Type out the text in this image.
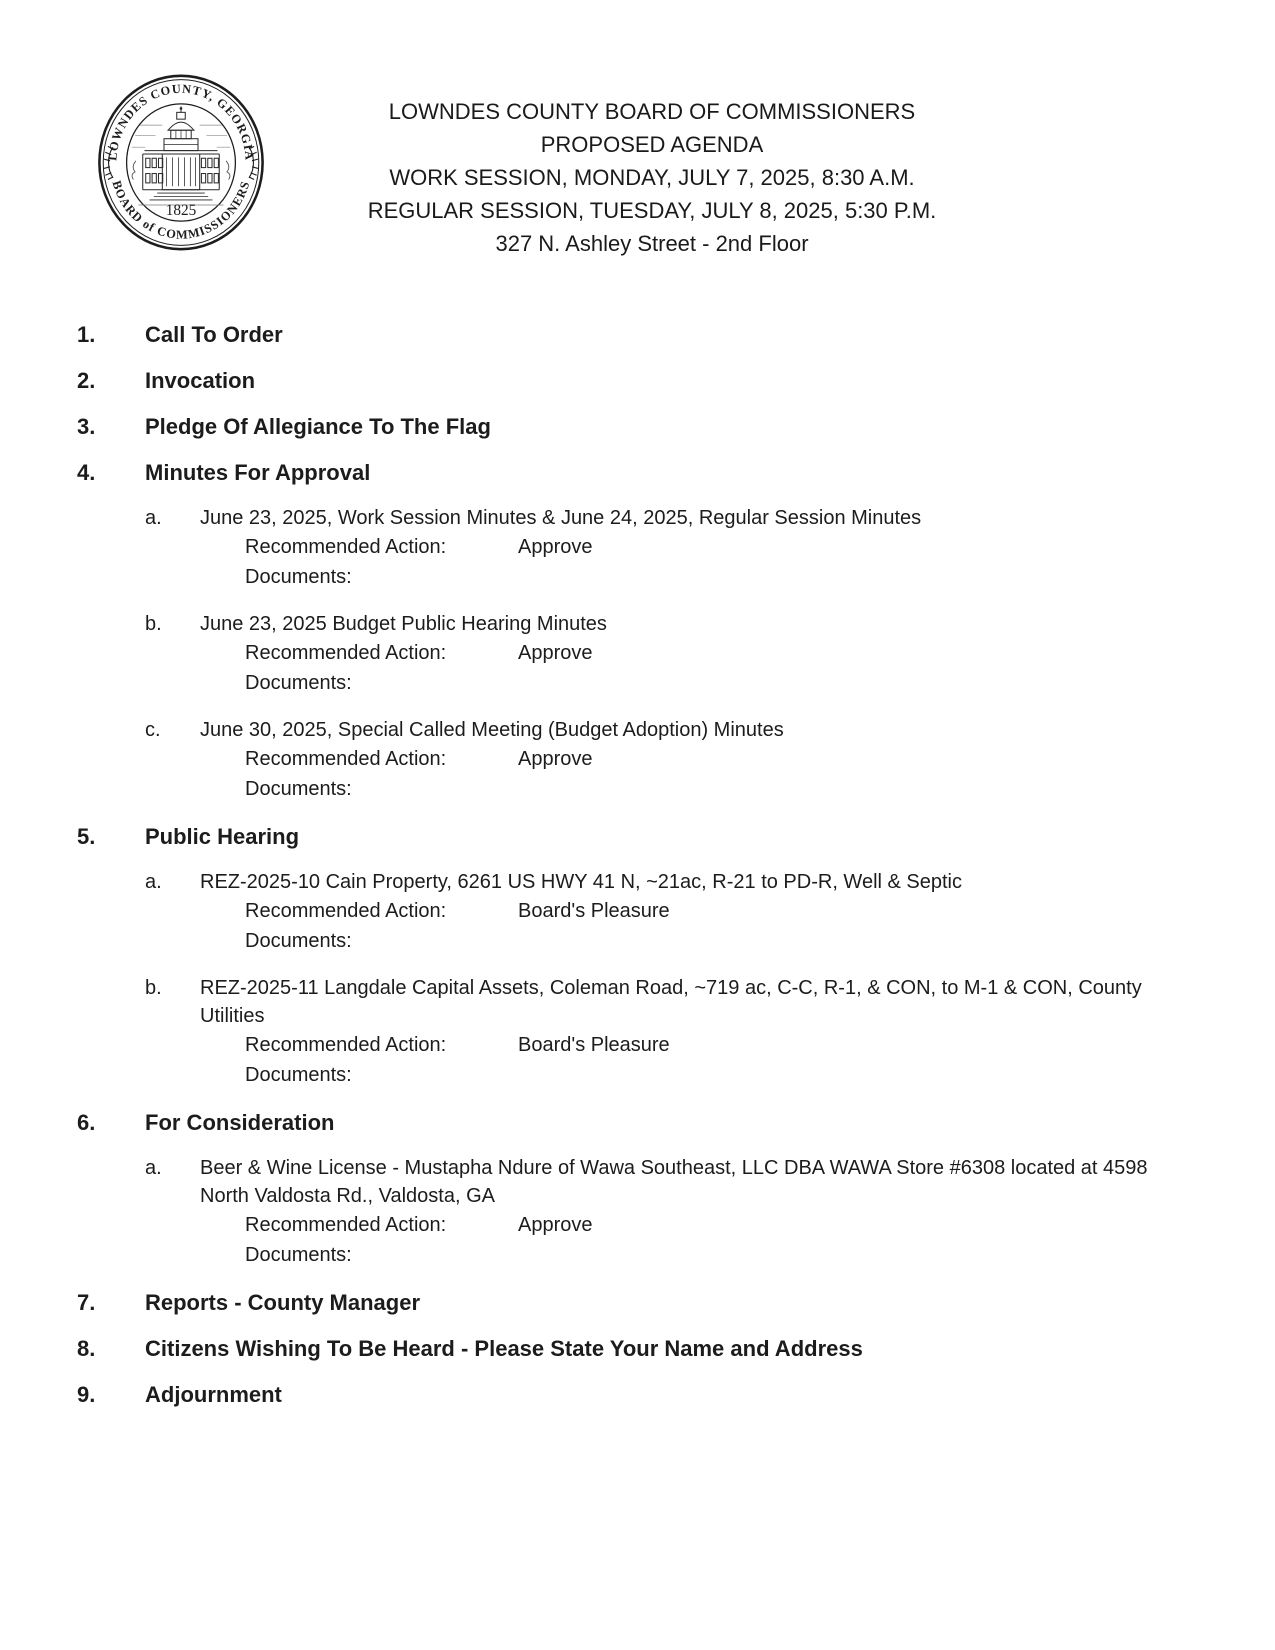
LOWNDES COUNTY, GEORGIA
BOARD of COMMISSIONERS
1825
LOWNDES COUNTY BOARD OF COMMISSIONERS
PROPOSED AGENDA
WORK SESSION, MONDAY, JULY 7, 2025, 8:30 A.M.
REGULAR SESSION, TUESDAY, JULY 8, 2025, 5:30 P.M.
327 N. Ashley Street - 2nd Floor
1.	Call To Order
2.	Invocation
3.	Pledge Of Allegiance To The Flag
4.	Minutes For Approval
a.	June 23, 2025, Work Session Minutes & June 24, 2025, Regular Session Minutes
Recommended Action:	Approve
Documents:
b.	June 23, 2025 Budget Public Hearing Minutes
Recommended Action:	Approve
Documents:
c.	June 30, 2025, Special Called Meeting (Budget Adoption) Minutes
Recommended Action:	Approve
Documents:
5.	Public Hearing
a.	REZ-2025-10 Cain Property, 6261 US HWY 41 N, ~21ac, R-21 to PD-R, Well & Septic
Recommended Action:	Board's Pleasure
Documents:
b.	REZ-2025-11 Langdale Capital Assets, Coleman Road, ~719 ac, C-C, R-1, & CON, to M-1 & CON, County Utilities
Recommended Action:	Board's Pleasure
Documents:
6.	For Consideration
a.	Beer & Wine License - Mustapha Ndure of Wawa Southeast, LLC DBA WAWA Store #6308 located at 4598 North Valdosta Rd., Valdosta, GA
Recommended Action:	Approve
Documents:
7.	Reports - County Manager
8.	Citizens Wishing To Be Heard - Please State Your Name and Address
9.	Adjournment
